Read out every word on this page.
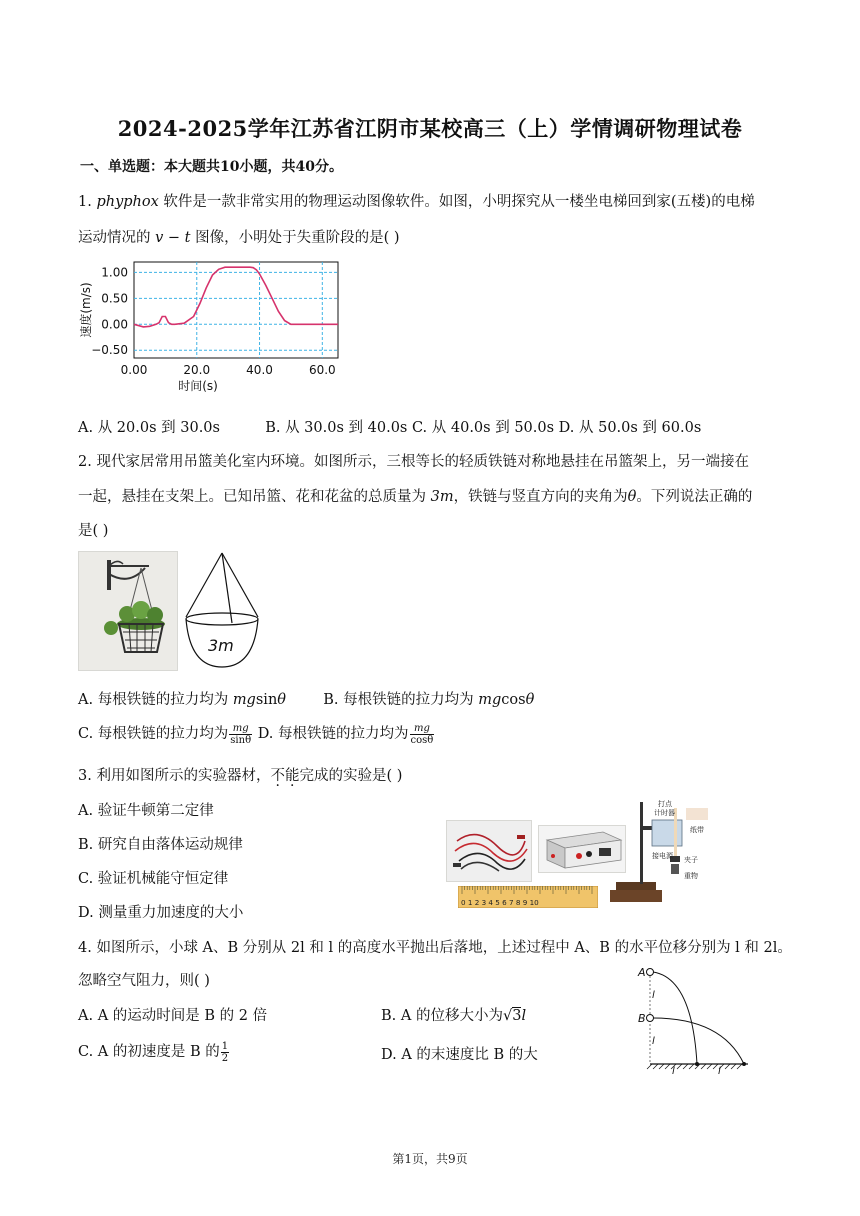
2024-2025学年江苏省江阴市某校高三（上）学情调研物理试卷
一、单选题：本大题共10小题，共40分。
1. phyphox 软件是一款非常实用的物理运动图像软件。如图，小明探究从一楼坐电梯回到家(五楼)的电梯
运动情况的 v − t 图像，小明处于失重阶段的是( )
1.00
0.50
0.00
−0.50
0.00	20.0	40.0	60.0
时间(s)
速度(m/s)
A. 从 20.0s 到 30.0s	B. 从 30.0s 到 40.0s C. 从 40.0s 到 50.0s D. 从 50.0s 到 60.0s
2. 现代家居常用吊篮美化室内环境。如图所示，三根等长的轻质铁链对称地悬挂在吊篮架上，另一端接在
一起，悬挂在支架上。已知吊篮、花和花盆的总质量为 3m，铁链与竖直方向的夹角为θ。下列说法正确的
是( )
3m
A. 每根铁链的拉力均为 mgsinθ	B. 每根铁链的拉力均为 mgcosθ
C. 每根铁链的拉力均为 $\frac{mg}{\sin\theta} D$. 每根铁链的拉力均为 $\frac{mg}{\cos\theta}$
3. 利用如图所示的实验器材，不能完成的实验是( )
A. 验证牛顿第二定律
B. 研究自由落体运动规律
C. 验证机械能守恒定律
D. 测量重力加速度的大小
打点
计时器
纸带
接电源 夹子
重物
0 1 2 3 4 5 6 7 8 9 10
4. 如图所示，小球 A、B 分别从 2l 和 l 的高度水平抛出后落地，上述过程中 A、B 的水平位移分别为 l 和 2l。
忽略空气阻力，则( )
A. A 的运动时间是 B 的 2 倍	B. A 的位移大小为√3l
C. A 的初速度是 B 的 $\frac{1}{2}$	D. A 的末速度比 B 的大
A
B
l
l
l	l
第1页，共9页
